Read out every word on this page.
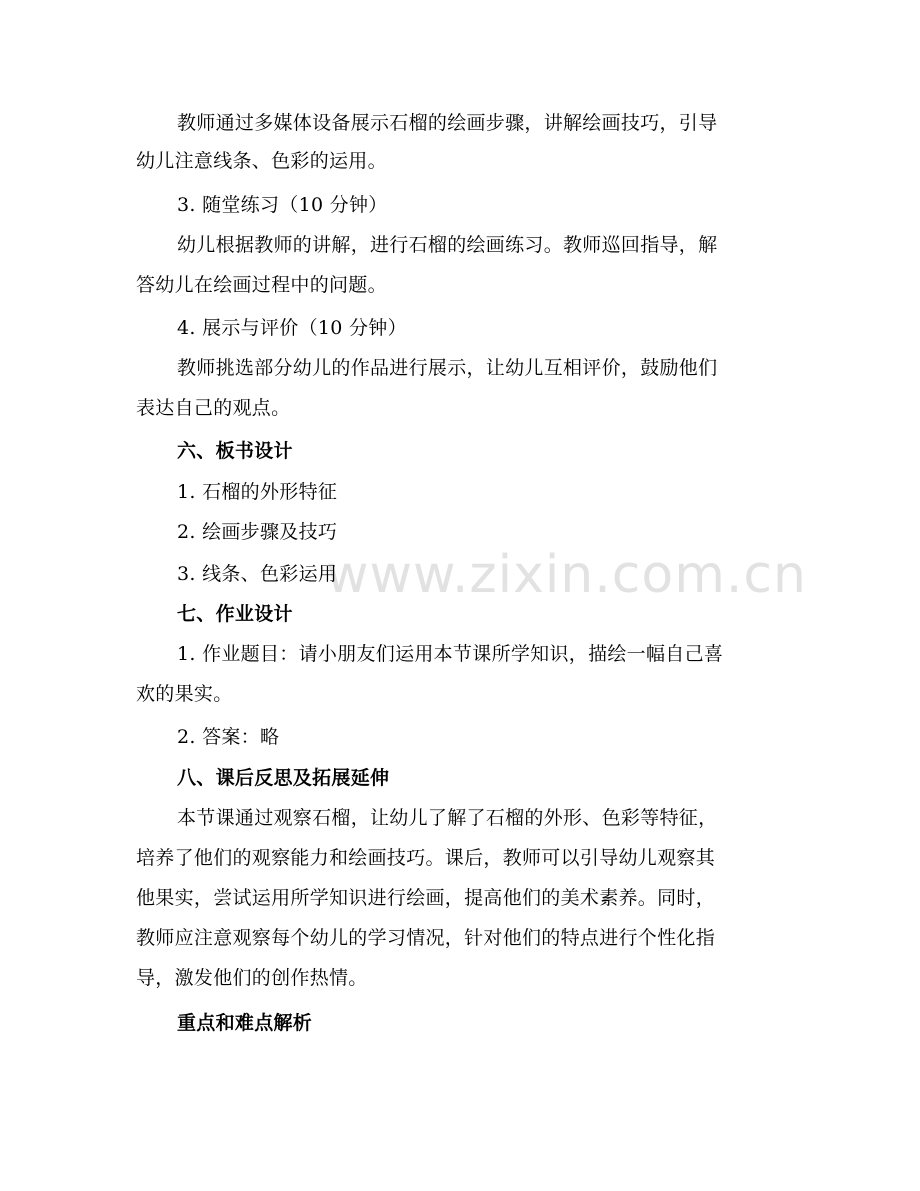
www.zixin.com.cn
教师通过多媒体设备展示石榴的绘画步骤，讲解绘画技巧，引导
幼儿注意线条、色彩的运用。
3. 随堂练习（10 分钟）
幼儿根据教师的讲解，进行石榴的绘画练习。教师巡回指导，解
答幼儿在绘画过程中的问题。
4. 展示与评价（10 分钟）
教师挑选部分幼儿的作品进行展示，让幼儿互相评价，鼓励他们
表达自己的观点。
六、板书设计
1. 石榴的外形特征
2. 绘画步骤及技巧
3. 线条、色彩运用
七、作业设计
1. 作业题目：请小朋友们运用本节课所学知识，描绘一幅自己喜
欢的果实。
2. 答案：略
八、课后反思及拓展延伸
本节课通过观察石榴，让幼儿了解了石榴的外形、色彩等特征，
培养了他们的观察能力和绘画技巧。课后，教师可以引导幼儿观察其
他果实，尝试运用所学知识进行绘画，提高他们的美术素养。同时，
教师应注意观察每个幼儿的学习情况，针对他们的特点进行个性化指
导，激发他们的创作热情。
重点和难点解析
